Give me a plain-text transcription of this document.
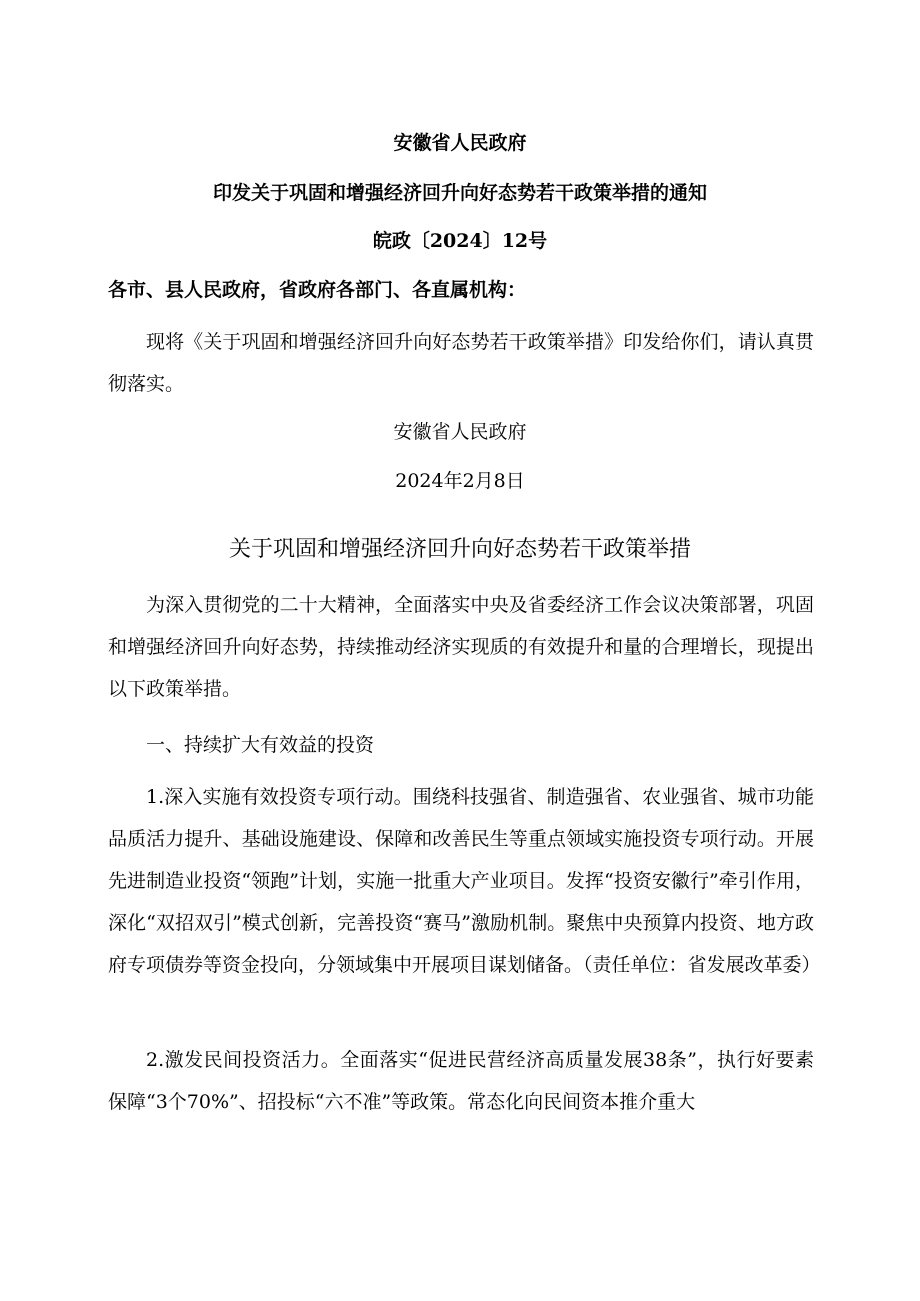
安徽省人民政府
印发关于巩固和增强经济回升向好态势若干政策举措的通知
皖政〔2024〕12号
各市、县人民政府，省政府各部门、各直属机构：
现将《关于巩固和增强经济回升向好态势若干政策举措》印发给你们，请认真贯彻落实。
安徽省人民政府
2024年2月8日
关于巩固和增强经济回升向好态势若干政策举措
为深入贯彻党的二十大精神，全面落实中央及省委经济工作会议决策部署，巩固和增强经济回升向好态势，持续推动经济实现质的有效提升和量的合理增长，现提出以下政策举措。
一、持续扩大有效益的投资
1.深入实施有效投资专项行动。围绕科技强省、制造强省、农业强省、城市功能品质活力提升、基础设施建设、保障和改善民生等重点领域实施投资专项行动。开展先进制造业投资“领跑”计划，实施一批重大产业项目。发挥“投资安徽行”牵引作用，深化“双招双引”模式创新，完善投资“赛马”激励机制。聚焦中央预算内投资、地方政府专项债券等资金投向，分领域集中开展项目谋划储备。（责任单位：省发展改革委）
2.激发民间投资活力。全面落实“促进民营经济高质量发展38条”，执行好要素保障“3个70%”、招投标“六不准”等政策。常态化向民间资本推介重大
